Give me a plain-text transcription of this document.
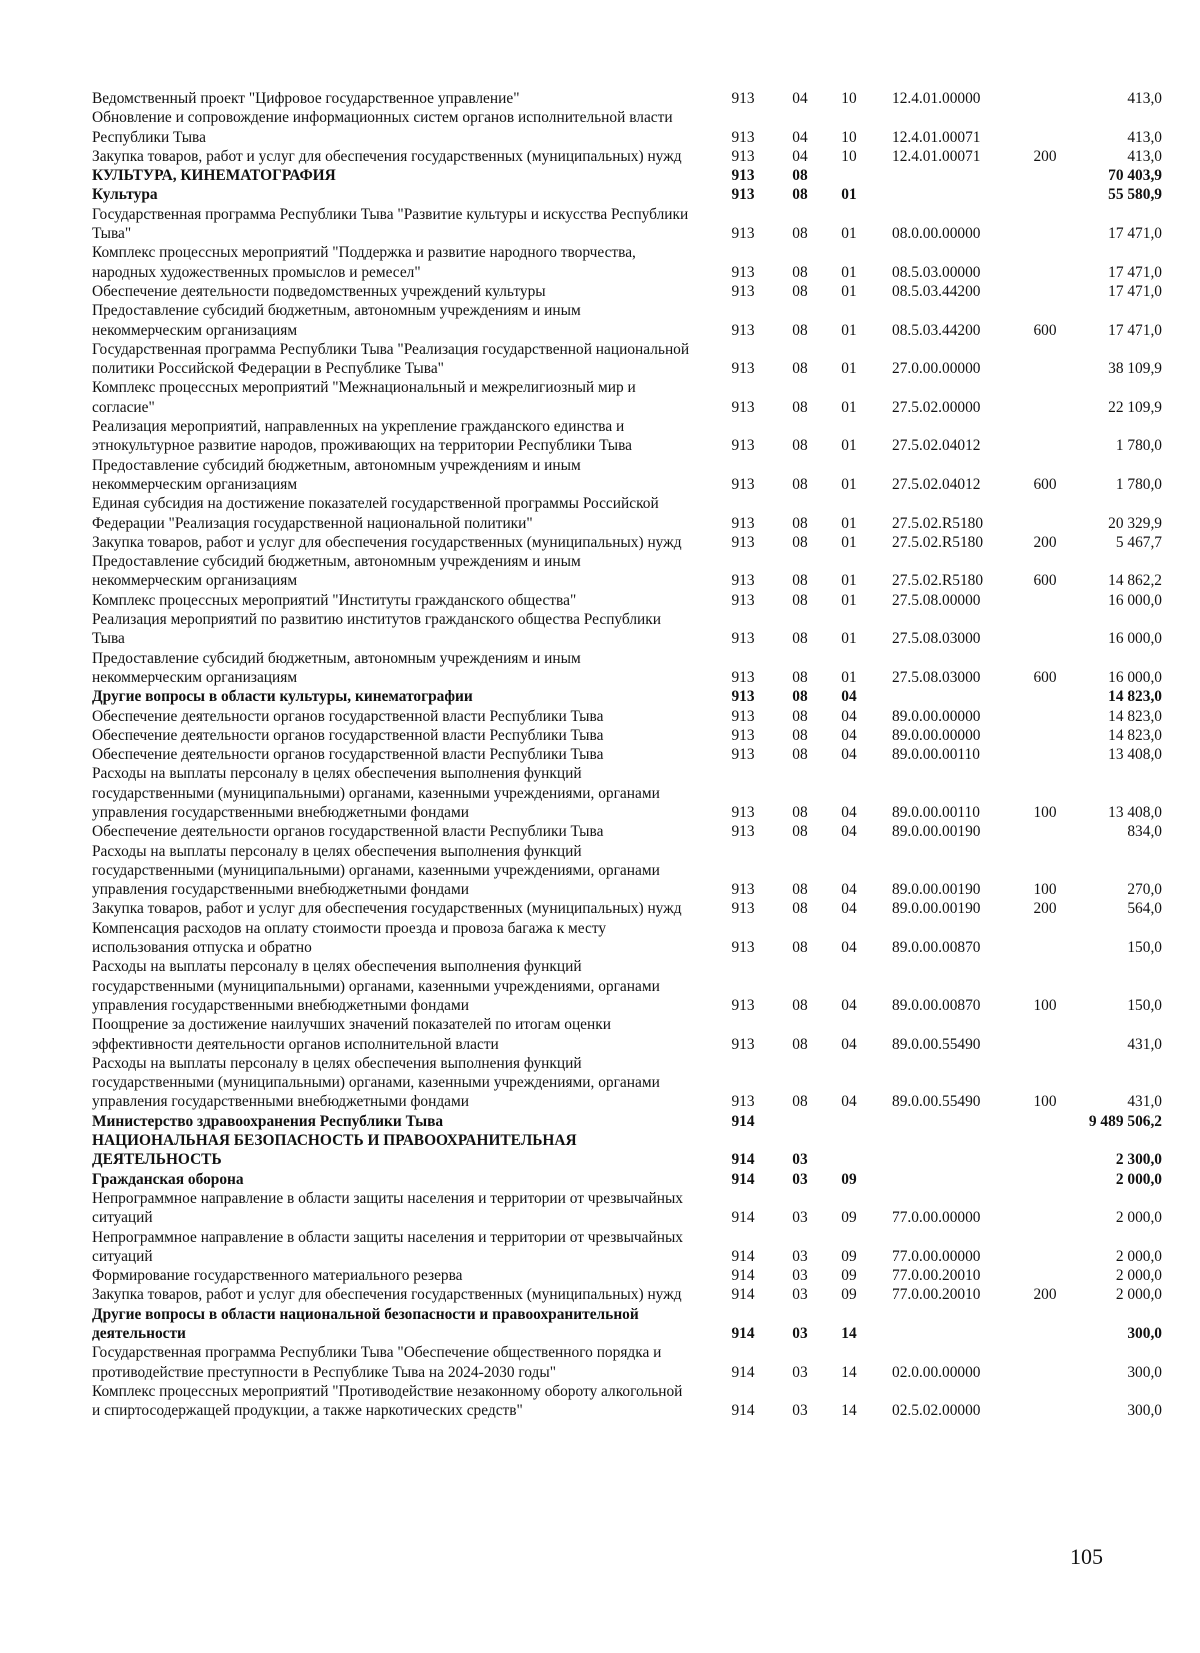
Ведомственный проект "Цифровое государственное управление"	913	04	10	12.4.01.00000		413,0
Обновление и сопровождение информационных систем органов исполнительной власти Республики Тыва	913	04	10	12.4.01.00071		413,0
Закупка товаров, работ и услуг для обеспечения государственных (муниципальных) нужд	913	04	10	12.4.01.00071	200	413,0
КУЛЬТУРА, КИНЕМАТОГРАФИЯ	913	08				70 403,9
Культура	913	08	01			55 580,9
Государственная программа Республики Тыва "Развитие культуры и искусства Республики Тыва"	913	08	01	08.0.00.00000		17 471,0
Комплекс процессных мероприятий "Поддержка и развитие народного творчества, народных художественных промыслов и ремесел"	913	08	01	08.5.03.00000		17 471,0
Обеспечение деятельности подведомственных учреждений культуры	913	08	01	08.5.03.44200		17 471,0
Предоставление субсидий бюджетным, автономным учреждениям и иным некоммерческим организациям	913	08	01	08.5.03.44200	600	17 471,0
Государственная программа Республики Тыва "Реализация государственной национальной политики Российской Федерации в Республике Тыва"	913	08	01	27.0.00.00000		38 109,9
Комплекс процессных мероприятий "Межнациональный и межрелигиозный мир и согласие"	913	08	01	27.5.02.00000		22 109,9
Реализация мероприятий, направленных на укрепление гражданского единства и этнокультурное развитие народов, проживающих на территории Республики Тыва	913	08	01	27.5.02.04012		1 780,0
Предоставление субсидий бюджетным, автономным учреждениям и иным некоммерческим организациям	913	08	01	27.5.02.04012	600	1 780,0
Единая субсидия на достижение показателей государственной программы Российской Федерации "Реализация государственной национальной политики"	913	08	01	27.5.02.R5180		20 329,9
Закупка товаров, работ и услуг для обеспечения государственных (муниципальных) нужд	913	08	01	27.5.02.R5180	200	5 467,7
Предоставление субсидий бюджетным, автономным учреждениям и иным некоммерческим организациям	913	08	01	27.5.02.R5180	600	14 862,2
Комплекс процессных мероприятий "Институты гражданского общества"	913	08	01	27.5.08.00000		16 000,0
Реализация мероприятий по развитию институтов гражданского общества Республики Тыва	913	08	01	27.5.08.03000		16 000,0
Предоставление субсидий бюджетным, автономным учреждениям и иным некоммерческим организациям	913	08	01	27.5.08.03000	600	16 000,0
Другие вопросы в области культуры, кинематографии	913	08	04			14 823,0
Обеспечение деятельности органов государственной власти Республики Тыва	913	08	04	89.0.00.00000		14 823,0
Обеспечение деятельности органов государственной власти Республики Тыва	913	08	04	89.0.00.00000		14 823,0
Обеспечение деятельности органов государственной власти Республики Тыва	913	08	04	89.0.00.00110		13 408,0
Расходы на выплаты персоналу в целях обеспечения выполнения функций государственными (муниципальными) органами, казенными учреждениями, органами управления государственными внебюджетными фондами	913	08	04	89.0.00.00110	100	13 408,0
Обеспечение деятельности органов государственной власти Республики Тыва	913	08	04	89.0.00.00190		834,0
Расходы на выплаты персоналу в целях обеспечения выполнения функций государственными (муниципальными) органами, казенными учреждениями, органами управления государственными внебюджетными фондами	913	08	04	89.0.00.00190	100	270,0
Закупка товаров, работ и услуг для обеспечения государственных (муниципальных) нужд	913	08	04	89.0.00.00190	200	564,0
Компенсация расходов на оплату стоимости проезда и провоза багажа к месту использования отпуска и обратно	913	08	04	89.0.00.00870		150,0
Расходы на выплаты персоналу в целях обеспечения выполнения функций государственными (муниципальными) органами, казенными учреждениями, органами управления государственными внебюджетными фондами	913	08	04	89.0.00.00870	100	150,0
Поощрение за достижение наилучших значений показателей по итогам оценки эффективности деятельности органов исполнительной власти	913	08	04	89.0.00.55490		431,0
Расходы на выплаты персоналу в целях обеспечения выполнения функций государственными (муниципальными) органами, казенными учреждениями, органами управления государственными внебюджетными фондами	913	08	04	89.0.00.55490	100	431,0
Министерство здравоохранения Республики Тыва	914					9 489 506,2
НАЦИОНАЛЬНАЯ БЕЗОПАСНОСТЬ И ПРАВООХРАНИТЕЛЬНАЯ ДЕЯТЕЛЬНОСТЬ	914	03				2 300,0
Гражданская оборона	914	03	09			2 000,0
Непрограммное направление в области защиты населения и территории от чрезвычайных ситуаций	914	03	09	77.0.00.00000		2 000,0
Непрограммное направление в области защиты населения и территории от чрезвычайных ситуаций	914	03	09	77.0.00.00000		2 000,0
Формирование государственного материального резерва	914	03	09	77.0.00.20010		2 000,0
Закупка товаров, работ и услуг для обеспечения государственных (муниципальных) нужд	914	03	09	77.0.00.20010	200	2 000,0
Другие вопросы в области национальной безопасности и правоохранительной деятельности	914	03	14			300,0
Государственная программа Республики Тыва "Обеспечение общественного порядка и противодействие преступности в Республике Тыва на 2024-2030 годы"	914	03	14	02.0.00.00000		300,0
Комплекс процессных мероприятий "Противодействие незаконному обороту алкогольной и спиртосодержащей продукции, а также наркотических средств"	914	03	14	02.5.02.00000		300,0
105
